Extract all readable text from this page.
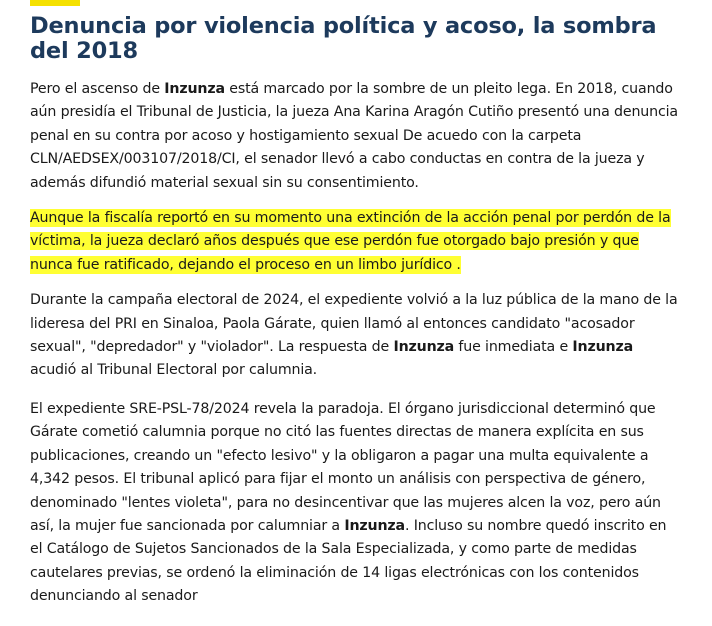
Denuncia por violencia política y acoso, la sombra del 2018

Pero el ascenso de Inzunza está marcado por la sombre de un pleito lega. En 2018, cuando aún presidía el Tribunal de Justicia, la jueza Ana Karina Aragón Cutiño presentó una denuncia penal en su contra por acoso y hostigamiento sexual De acuedo con la carpeta CLN/AEDSEX/003107/2018/CI, el senador llevó a cabo conductas en contra de la jueza y además difundió material sexual sin su consentimiento.

Aunque la fiscalía reportó en su momento una extinción de la acción penal por perdón de la víctima, la jueza declaró años después que ese perdón fue otorgado bajo presión y que nunca fue ratificado, dejando el proceso en un limbo jurídico .

Durante la campaña electoral de 2024, el expediente volvió a la luz pública de la mano de la lideresa del PRI en Sinaloa, Paola Gárate, quien llamó al entonces candidato "acosador sexual", "depredador" y "violador". La respuesta de Inzunza fue inmediata e Inzunza acudió al Tribunal Electoral por calumnia.

El expediente SRE-PSL-78/2024 revela la paradoja. El órgano jurisdiccional determinó que Gárate cometió calumnia porque no citó las fuentes directas de manera explícita en sus publicaciones, creando un "efecto lesivo" y la obligaron a pagar una multa equivalente a 4,342 pesos. El tribunal aplicó para fijar el monto un análisis con perspectiva de género, denominado "lentes violeta", para no desincentivar que las mujeres alcen la voz, pero aún así, la mujer fue sancionada por calumniar a Inzunza. Incluso su nombre quedó inscrito en el Catálogo de Sujetos Sancionados de la Sala Especializada, y como parte de medidas cautelares previas, se ordenó la eliminación de 14 ligas electrónicas con los contenidos denunciando al senador
